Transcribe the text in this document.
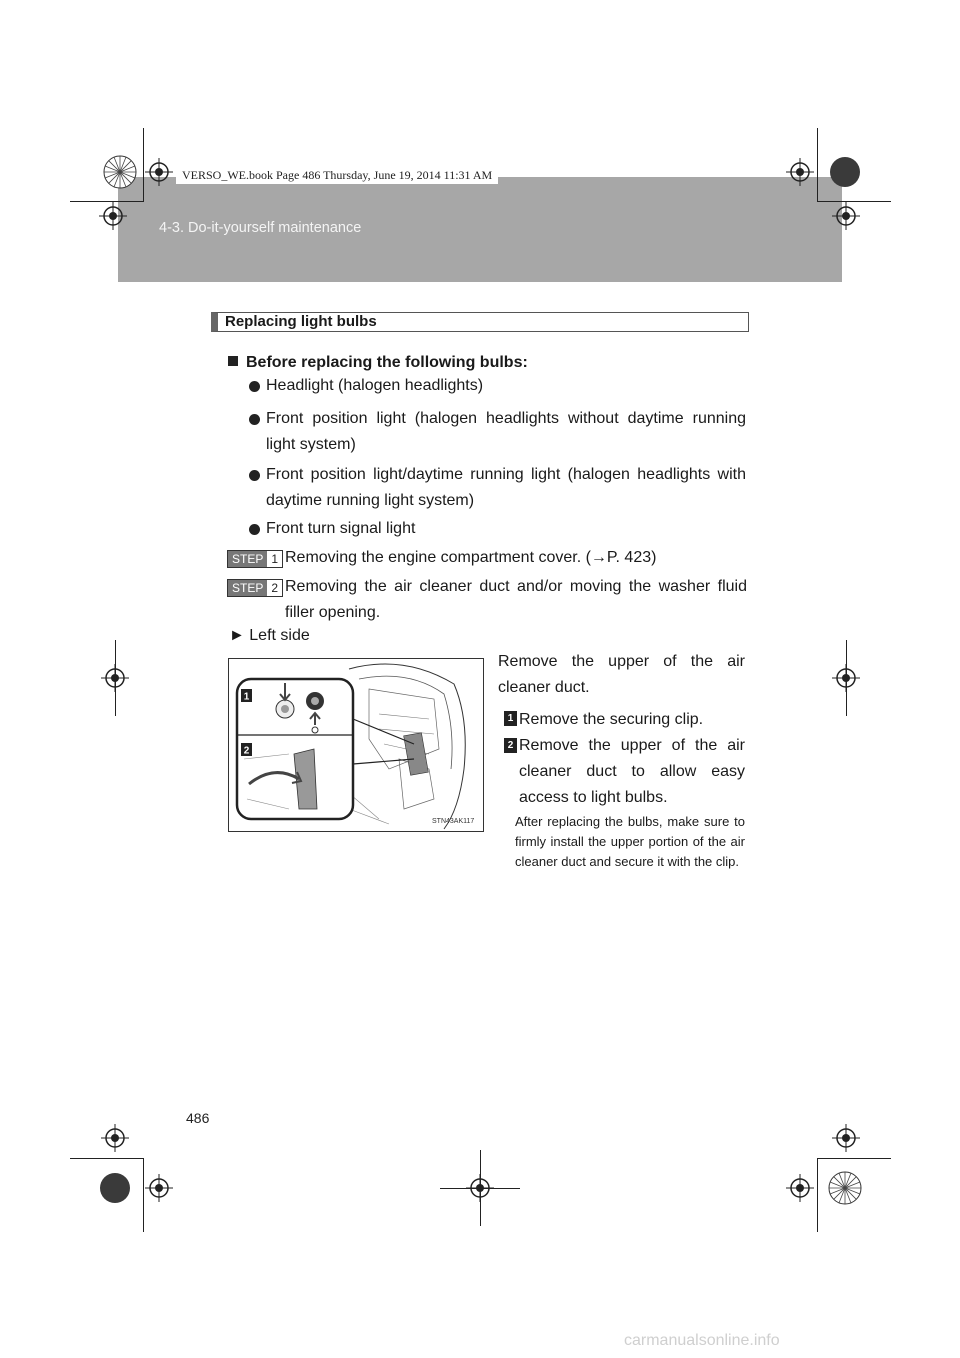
4-3. Do-it-yourself maintenance
VERSO_WE.book Page 486 Thursday, June 19, 2014 11:31 AM
Replacing light bulbs
Before replacing the following bulbs:
Headlight (halogen headlights)
Front position light (halogen headlights without daytime running light system)
Front position light/daytime running light (halogen headlights with daytime running light system)
Front turn signal light
STEP 1 Removing the engine compartment cover. (→P. 423)
STEP 2 Removing the air cleaner duct and/or moving the washer fluid filler opening.
► Left side
1
2
STN43AK117
Remove the upper of the air cleaner duct.
1 Remove the securing clip.
2 Remove the upper of the air cleaner duct to allow easy access to light bulbs.
After replacing the bulbs, make sure to firmly install the upper portion of the air cleaner duct and secure it with the clip.
486
carmanualsonline.info
